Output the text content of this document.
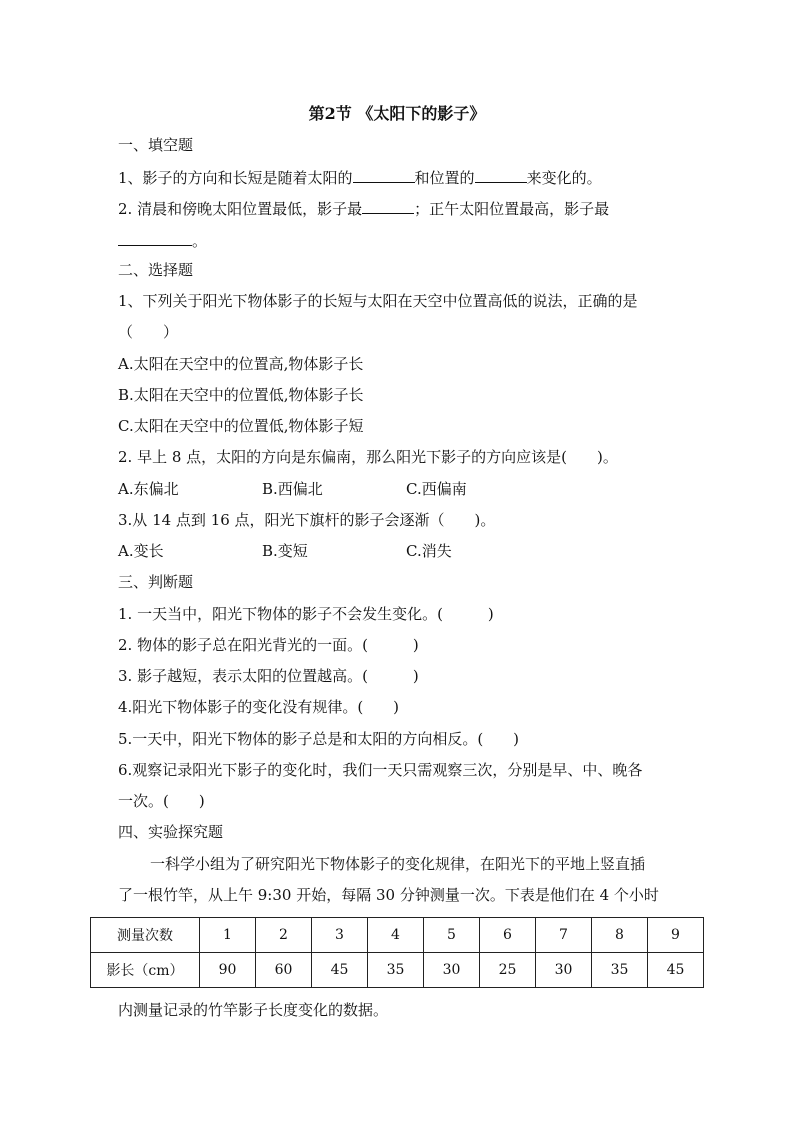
第2节 《太阳下的影子》
一、填空题
1、影子的方向和长短是随着太阳的	和位置的	来变化的。
2. 清晨和傍晚太阳位置最低，影子最	；正午太阳位置最高，影子最
。
二、选择题
1、下列关于阳光下物体影子的长短与太阳在天空中位置高低的说法，正确的是
（　　）
A.太阳在天空中的位置高,物体影子长
B.太阳在天空中的位置低,物体影子长
C.太阳在天空中的位置低,物体影子短
2. 早上 8 点，太阳的方向是东偏南，那么阳光下影子的方向应该是(　　)。
A.东偏北	B.西偏北	C.西偏南
3.从 14 点到 16 点，阳光下旗杆的影子会逐渐（　　)。
A.变长	B.变短	C.消失
三、判断题
1. 一天当中，阳光下物体的影子不会发生变化。(　　　)
2. 物体的影子总在阳光背光的一面。(　　　)
3. 影子越短，表示太阳的位置越高。(　　　)
4.阳光下物体影子的变化没有规律。(　　)
5.一天中，阳光下物体的影子总是和太阳的方向相反。(　　)
6.观察记录阳光下影子的变化时，我们一天只需观察三次，分别是早、中、晚各
一次。(　　)
四、实验探究题
一科学小组为了研究阳光下物体影子的变化规律，在阳光下的平地上竖直插
了一根竹竿，从上午 9:30 开始，每隔 30 分钟测量一次。下表是他们在 4 个小时
测量次数	1	2	3	4	5	6	7	8	9
影长（cm）	90	60	45	35	30	25	30	35	45
内测量记录的竹竿影子长度变化的数据。
